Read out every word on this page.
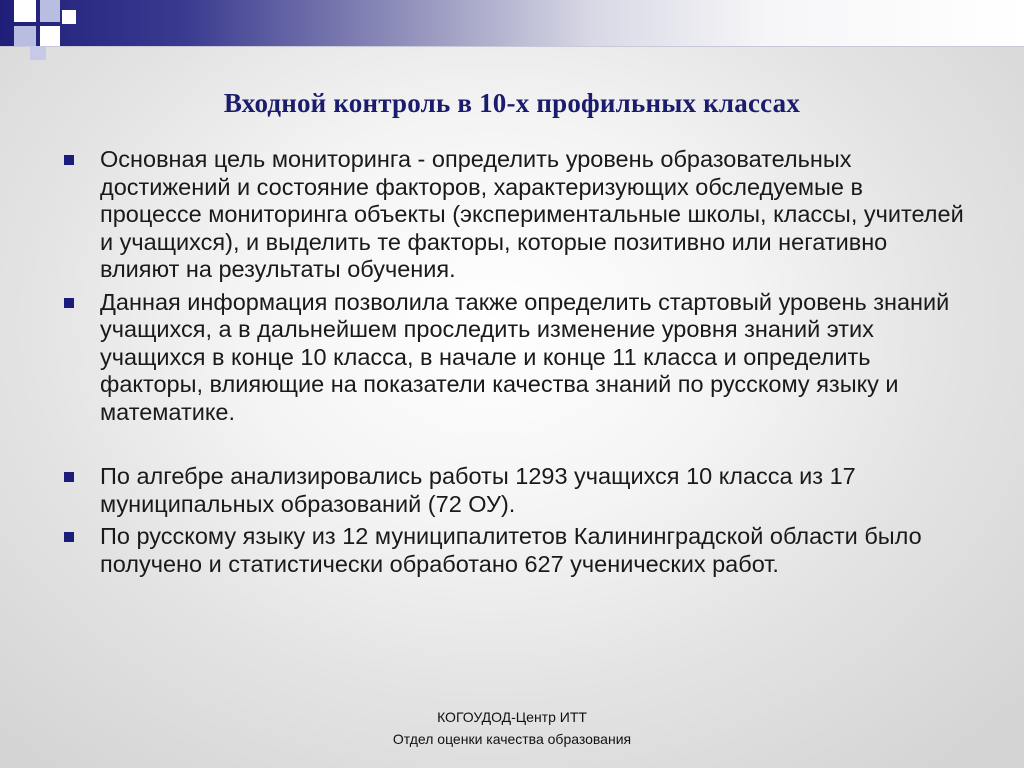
Входной контроль в 10-х профильных классах
Основная цель мониторинга - определить уровень образовательных достижений и состояние факторов, характеризующих обследуемые в процессе мониторинга объекты (экспериментальные школы, классы, учителей и учащихся), и выделить те факторы, которые позитивно или негативно влияют на результаты обучения.
Данная информация позволила также определить стартовый уровень знаний учащихся, а в дальнейшем проследить изменение уровня знаний этих учащихся в конце 10 класса, в начале и конце 11 класса и определить факторы, влияющие на показатели качества знаний по русскому языку и математике.
По алгебре анализировались работы 1293 учащихся 10 класса из 17 муниципальных образований (72 ОУ).
По русскому языку из 12 муниципалитетов Калининградской области было получено и статистически обработано 627 ученических работ.
КОГОУДОД-Центр ИТТ
Отдел оценки качества образования
